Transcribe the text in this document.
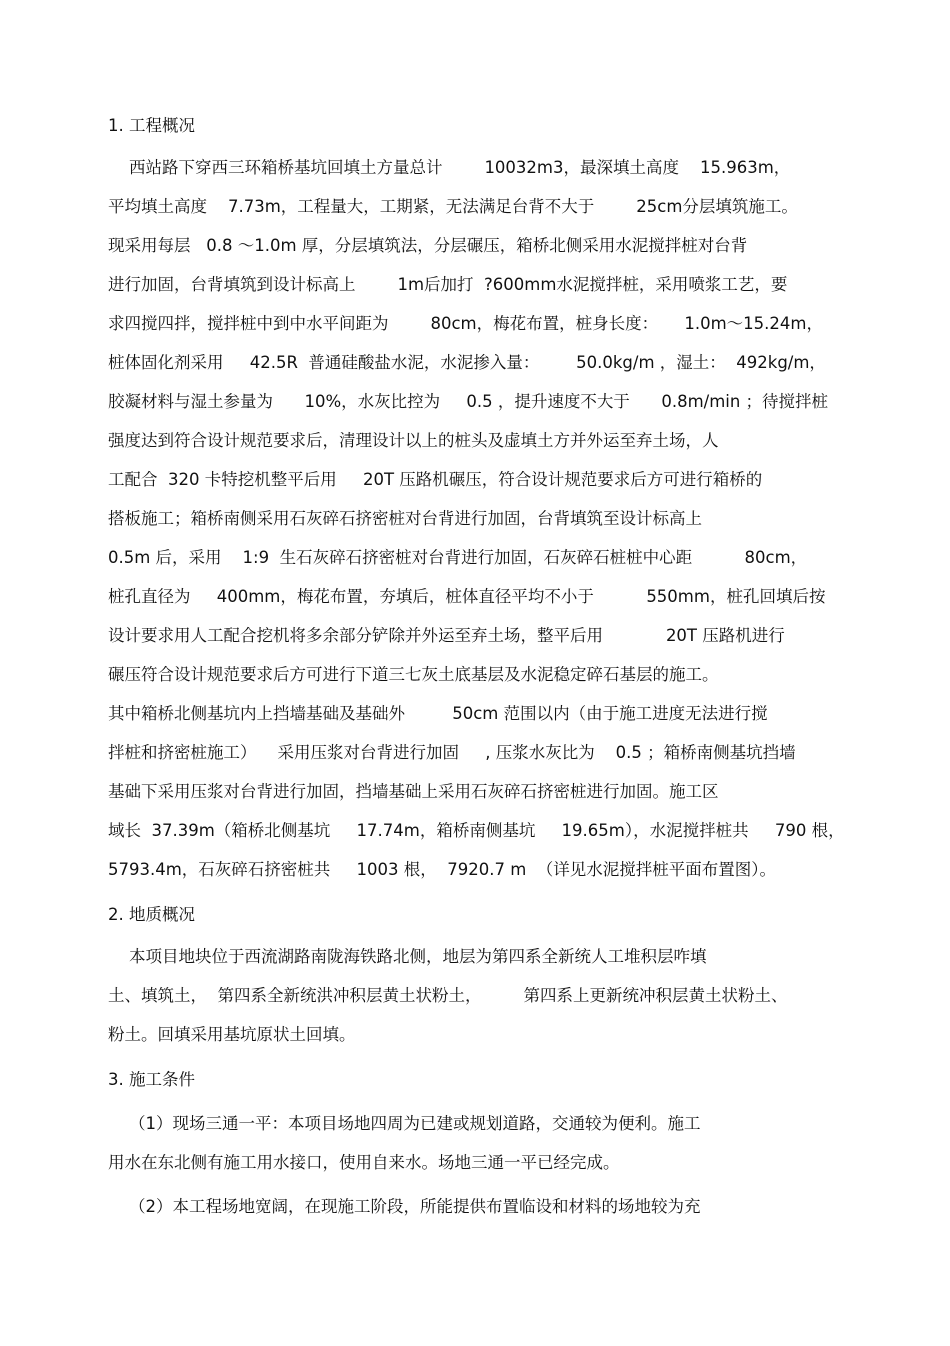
1. 工程概况
西站路下穿西三环箱桥基坑回填土方量总计        10032m3，最深填土高度    15.963m，
平均填土高度    7.73m，工程量大，工期紧，无法满足台背不大于        25cm分层填筑施工。
现采用每层   0.8 ～1.0m 厚，分层填筑法，分层碾压，箱桥北侧采用水泥搅拌桩对台背
进行加固，台背填筑到设计标高上        1m后加打  ?600mm水泥搅拌桩，采用喷浆工艺，要
求四搅四拌，搅拌桩中到中水平间距为        80cm，梅花布置，桩身长度：     1.0m～15.24m，
桩体固化剂采用     42.5R  普通硅酸盐水泥，水泥掺入量：       50.0kg/m ，湿土：  492kg/m，
胶凝材料与湿土参量为      10%，水灰比控为     0.5 ，提升速度不大于      0.8m/min ；待搅拌桩
强度达到符合设计规范要求后，清理设计以上的桩头及虚填土方并外运至弃土场，人
工配合  320 卡特挖机整平后用     20T 压路机碾压，符合设计规范要求后方可进行箱桥的
搭板施工；箱桥南侧采用石灰碎石挤密桩对台背进行加固，台背填筑至设计标高上
0.5m 后，采用    1:9  生石灰碎石挤密桩对台背进行加固，石灰碎石桩桩中心距          80cm，
桩孔直径为     400mm，梅花布置，夯填后，桩体直径平均不小于          550mm，桩孔回填后按
设计要求用人工配合挖机将多余部分铲除并外运至弃土场，整平后用            20T 压路机进行
碾压符合设计规范要求后方可进行下道三七灰土底基层及水泥稳定碎石基层的施工。
其中箱桥北侧基坑内上挡墙基础及基础外         50cm 范围以内（由于施工进度无法进行搅
拌桩和挤密桩施工）    采用压浆对台背进行加固     , 压浆水灰比为    0.5 ；箱桥南侧基坑挡墙
基础下采用压浆对台背进行加固，挡墙基础上采用石灰碎石挤密桩进行加固。施工区
域长  37.39m（箱桥北侧基坑     17.74m，箱桥南侧基坑     19.65m），水泥搅拌桩共     790 根，
5793.4m，石灰碎石挤密桩共     1003 根，  7920.7 m  （详见水泥搅拌桩平面布置图）。
2. 地质概况
本项目地块位于西流湖路南陇海铁路北侧，地层为第四系全新统人工堆积层咋填
土、填筑土，  第四系全新统洪冲积层黄土状粉土，        第四系上更新统冲积层黄土状粉土、
粉土。回填采用基坑原状土回填。
3. 施工条件
（1）现场三通一平：本项目场地四周为已建或规划道路，交通较为便利。施工
用水在东北侧有施工用水接口，使用自来水。场地三通一平已经完成。
（2）本工程场地宽阔，在现施工阶段，所能提供布置临设和材料的场地较为充
